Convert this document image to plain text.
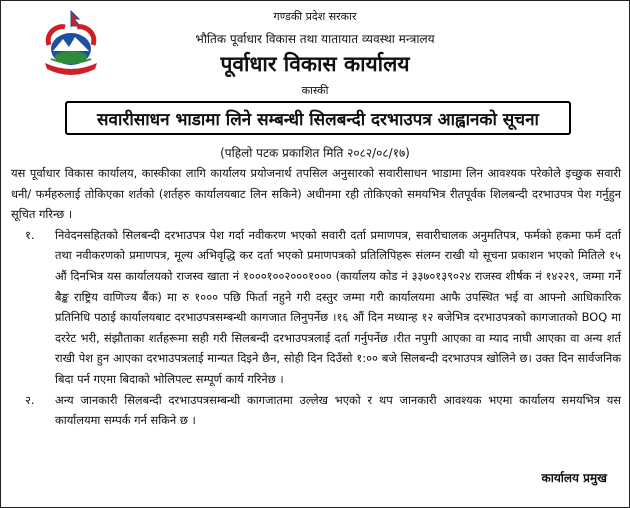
गण्डकी प्रदेश सरकार
भौतिक पूर्वाधार विकास तथा यातायात व्यवस्था मन्त्रालय
पूर्वाधार विकास कार्यालय
कास्की
सवारीसाधन भाडामा लिने सम्बन्धी सिलबन्दी दरभाउपत्र आह्वानको सूचना
(पहिलो पटक प्रकाशित मिति २०८२/०८/१७)

यस पूर्वाधार विकास कार्यालय, कास्कीका लागि कार्यालय प्रयोजनार्थ तपसिल अनुसारको सवारीसाधन भाडामा लिन आवश्यक परेकोले इच्छुक सवारी धनी/ फर्महरुलाई तोकिएका शर्तको (शर्तहरु कार्यालयबाट लिन सकिने) अधीनमा रही तोकिएको समयभित्र रीतपूर्वक शिलबन्दी दरभाउपत्र पेश गर्नुहुन सूचित गरिन्छ ।

१.	निवेदनसहितको सिलबन्दी दरभाउपत्र पेश गर्दा नवीकरण भएको सवारी दर्ता प्रमाणपत्र, सवारीचालक अनुमतिपत्र, फर्मको हकमा फर्म दर्ता तथा नवीकरणको प्रमाणपत्र, मूल्य अभिवृद्धि कर दर्ता भएको प्रमाणपत्रको प्रतिलिपिहरू संलग्न राखी यो सूचना प्रकाशन भएको मितिले १५ औं दिनभित्र यस कार्यालयको राजस्व खाता नं १०००१००२०००१००० (कार्यालय कोड नं ३३७०१३९०२४ राजस्व शीर्षक नं १४२२९, जम्मा गर्ने बैङ्क राष्ट्रिय वाणिज्य बैंक) मा रु १००० पछि फिर्ता नहुने गरी दस्तुर जम्मा गरी कार्यालयमा आफै उपस्थित भई वा आफ्नो आधिकारिक प्रतिनिधि पठाई कार्यालयबाट दरभाउपत्रसम्बन्धी कागजात लिनुपर्नेछ ।१६ औं दिन मध्यान्ह १२ बजेभित्र दरभाउपत्रको कागजातको BOQ मा दररेट भरी, संझौताका शर्तहरूमा सही गरी सिलबन्दी दरभाउपत्रलाई दर्ता गर्नुपर्नेछ ।रीत नपुगी आएका वा म्याद नाघी आएका वा अन्य शर्त राखी पेश हुन आएका दरभाउपत्रलाई मान्यत दिइने छैन, सोही दिन दिउँसो १:०० बजे सिलबन्दी दरभाउपत्र खोलिने छ। उक्त दिन सार्वजनिक बिदा पर्न गएमा बिदाको भोलिपल्ट सम्पूर्ण कार्य गरिनेछ ।
२.	अन्य जानकारी सिलबन्दी दरभाउपत्रसम्बन्धी कागजातमा उल्लेख भएको र थप जानकारी आवश्यक भएमा कार्यालय समयभित्र यस कार्यालयमा सम्पर्क गर्न सकिने छ ।
कार्यालय प्रमुख
